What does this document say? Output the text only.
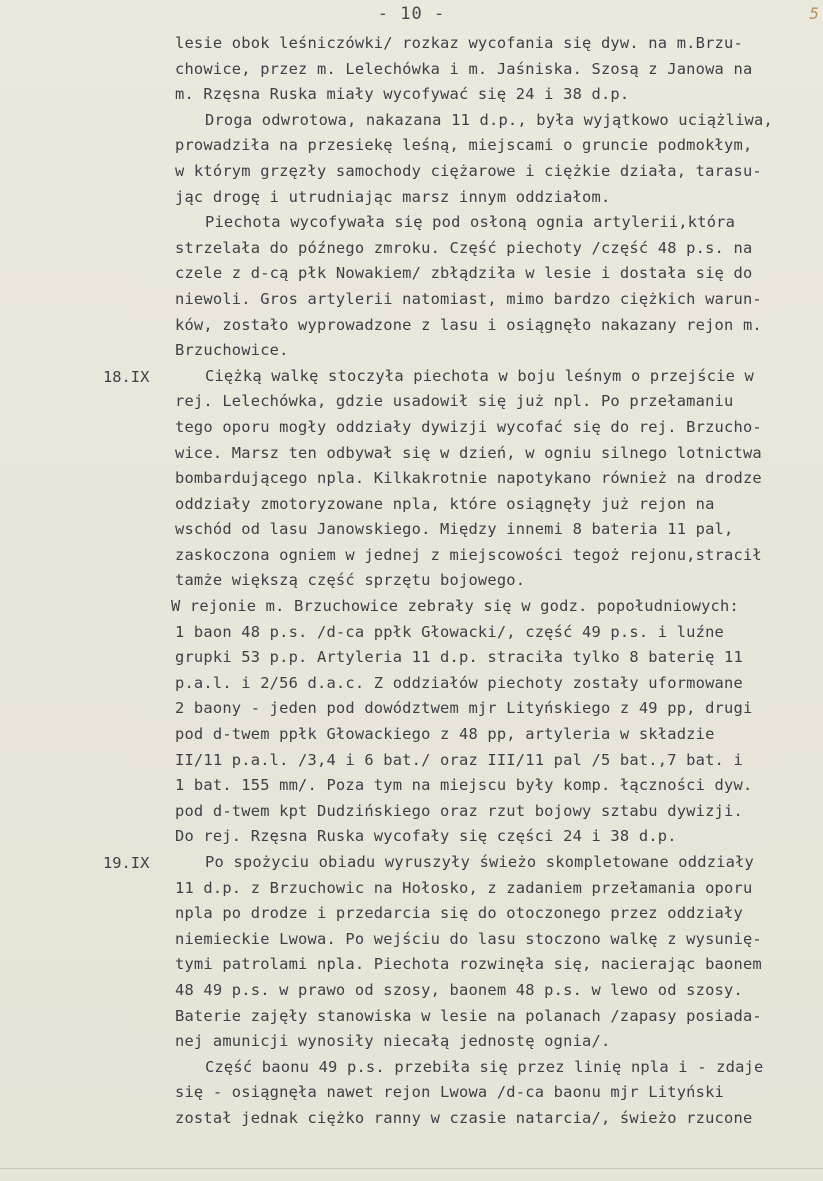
- 10 -	5
18.IX
19.IX
lesie obok leśniczówki/ rozkaz wycofania się dyw. na m.Brzu-
chowice, przez m. Lelechówka i m. Jaśniska. Szosą z Janowa na
m. Rzęsna Ruska miały wycofywać się 24 i 38 d.p.
Droga odwrotowa, nakazana 11 d.p., była wyjątkowo uciążliwa,
prowadziła na przesiekę leśną, miejscami o gruncie podmokłym,
w którym grzęzły samochody ciężarowe i ciężkie działa, tarasu-
jąc drogę i utrudniając marsz innym oddziałom.
Piechota wycofywała się pod osłoną ognia artylerii,która
strzelała do późnego zmroku. Część piechoty /część 48 p.s. na
czele z d-cą płk Nowakiem/ zbłądziła w lesie i dostała się do
niewoli. Gros artylerii natomiast, mimo bardzo ciężkich warun-
ków, zostało wyprowadzone z lasu i osiągnęło nakazany rejon m.
Brzuchowice.
Ciężką walkę stoczyła piechota w boju leśnym o przejście w
rej. Lelechówka, gdzie usadowił się już npl. Po przełamaniu
tego oporu mogły oddziały dywizji wycofać się do rej. Brzucho-
wice. Marsz ten odbywał się w dzień, w ogniu silnego lotnictwa
bombardującego npla. Kilkakrotnie napotykano również na drodze
oddziały zmotoryzowane npla, które osiągnęły już rejon na
wschód od lasu Janowskiego. Między innemi 8 bateria 11 pal,
zaskoczona ogniem w jednej z miejscowości tegoż rejonu,stracił
tamże większą część sprzętu bojowego.
W rejonie m. Brzuchowice zebrały się w godz. popołudniowych:
1 baon 48 p.s. /d-ca ppłk Głowacki/, część 49 p.s. i luźne
grupki 53 p.p. Artyleria 11 d.p. straciła tylko 8 baterię 11
p.a.l. i 2/56 d.a.c. Z oddziałów piechoty zostały uformowane
2 baony - jeden pod dowództwem mjr Lityńskiego z 49 pp, drugi
pod d-twem ppłk Głowackiego z 48 pp, artyleria w składzie
II/11 p.a.l. /3,4 i 6 bat./ oraz III/11 pal /5 bat.,7 bat. i
1 bat. 155 mm/. Poza tym na miejscu były komp. łączności dyw.
pod d-twem kpt Dudzińskiego oraz rzut bojowy sztabu dywizji.
Do rej. Rzęsna Ruska wycofały się części 24 i 38 d.p.
Po spożyciu obiadu wyruszyły świeżo skompletowane oddziały
11 d.p. z Brzuchowic na Hołosko, z zadaniem przełamania oporu
npla po drodze i przedarcia się do otoczonego przez oddziały
niemieckie Lwowa. Po wejściu do lasu stoczono walkę z wysunię-
tymi patrolami npla. Piechota rozwinęła się, nacierając baonem
48 49 p.s. w prawo od szosy, baonem 48 p.s. w lewo od szosy.
Baterie zajęły stanowiska w lesie na polanach /zapasy posiada-
nej amunicji wynosiły niecałą jednostę ognia/.
Część baonu 49 p.s. przebiła się przez linię npla i - zdaje
się - osiągnęła nawet rejon Lwowa /d-ca baonu mjr Lityński
został jednak ciężko ranny w czasie natarcia/, świeżo rzucone
